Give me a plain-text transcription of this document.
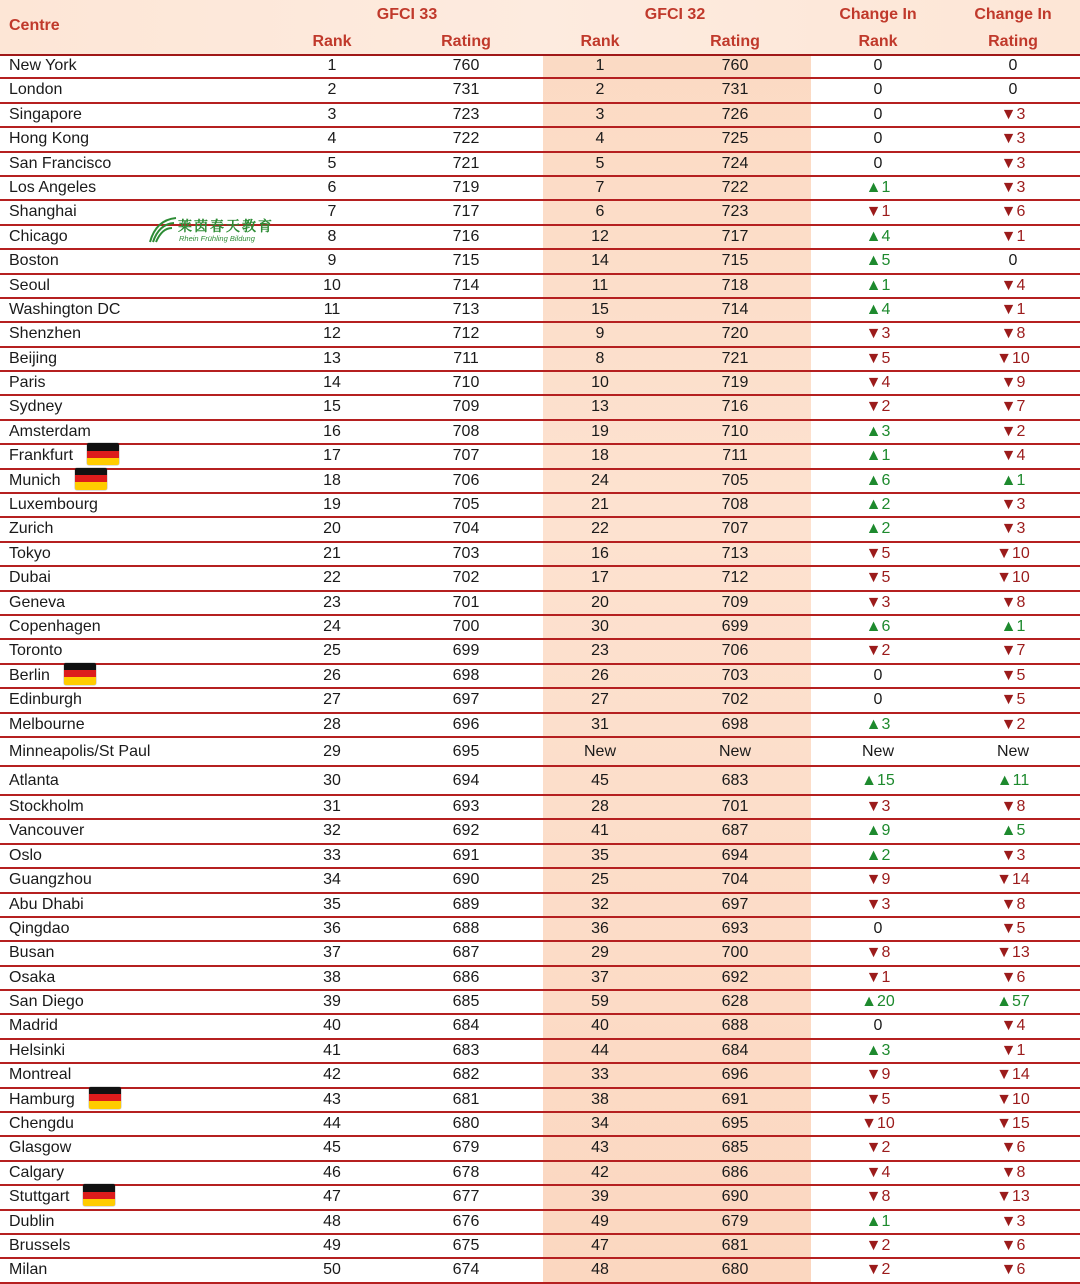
Centre
GFCI 33	GFCI 32	Change In	Change In
Rank	Rating	Rank	Rating	Rank	Rating
莱茵春天教育
Rhein Frühling Bildung
New York	1	760	1	760	0	0
London	2	731	2	731	0	0
Singapore	3	723	3	726	0	▼3
Hong Kong	4	722	4	725	0	▼3
San Francisco	5	721	5	724	0	▼3
Los Angeles	6	719	7	722	▲1	▼3
Shanghai	7	717	6	723	▼1	▼6
Chicago	8	716	12	717	▲4	▼1
Boston	9	715	14	715	▲5	0
Seoul	10	714	11	718	▲1	▼4
Washington DC	11	713	15	714	▲4	▼1
Shenzhen	12	712	9	720	▼3	▼8
Beijing	13	711	8	721	▼5	▼10
Paris	14	710	10	719	▼4	▼9
Sydney	15	709	13	716	▼2	▼7
Amsterdam	16	708	19	710	▲3	▼2
Frankfurt	17	707	18	711	▲1	▼4
Munich	18	706	24	705	▲6	▲1
Luxembourg	19	705	21	708	▲2	▼3
Zurich	20	704	22	707	▲2	▼3
Tokyo	21	703	16	713	▼5	▼10
Dubai	22	702	17	712	▼5	▼10
Geneva	23	701	20	709	▼3	▼8
Copenhagen	24	700	30	699	▲6	▲1
Toronto	25	699	23	706	▼2	▼7
Berlin	26	698	26	703	0	▼5
Edinburgh	27	697	27	702	0	▼5
Melbourne	28	696	31	698	▲3	▼2
Minneapolis/St Paul	29	695	New	New	New	New
Atlanta	30	694	45	683	▲15	▲11
Stockholm	31	693	28	701	▼3	▼8
Vancouver	32	692	41	687	▲9	▲5
Oslo	33	691	35	694	▲2	▼3
Guangzhou	34	690	25	704	▼9	▼14
Abu Dhabi	35	689	32	697	▼3	▼8
Qingdao	36	688	36	693	0	▼5
Busan	37	687	29	700	▼8	▼13
Osaka	38	686	37	692	▼1	▼6
San Diego	39	685	59	628	▲20	▲57
Madrid	40	684	40	688	0	▼4
Helsinki	41	683	44	684	▲3	▼1
Montreal	42	682	33	696	▼9	▼14
Hamburg	43	681	38	691	▼5	▼10
Chengdu	44	680	34	695	▼10	▼15
Glasgow	45	679	43	685	▼2	▼6
Calgary	46	678	42	686	▼4	▼8
Stuttgart	47	677	39	690	▼8	▼13
Dublin	48	676	49	679	▲1	▼3
Brussels	49	675	47	681	▼2	▼6
Milan	50	674	48	680	▼2	▼6
